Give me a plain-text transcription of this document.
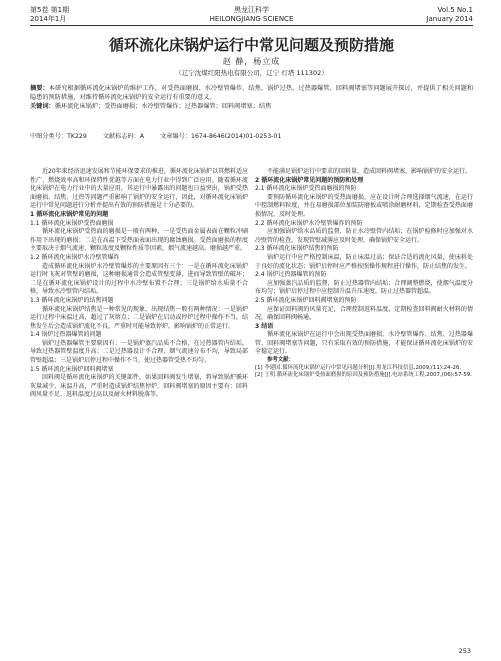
第5卷 第1期
2014年1月
黑龙江科学
HEILONGJIANG SCIENCE
Vol.5 No.1
January 2014
循环流化床锅炉运行中常见问题及预防措施
赵 静，杨立成
（辽宁沈煤红阳热电有限公司，辽宁 灯塔 111302）
摘要：本研究根据循环流化床锅炉的维护工作，对受热面磨损、水冷壁管爆炸、结焦、锅炉过热、过热器爆管、回料阀堵塞等问题展开探讨，并提供了相关问题和隐患的预防措施，对维持循环流化床锅炉的安全运行有重要的意义。
关键词：循环流化床锅炉；受热面磨损；水冷壁管爆炸；过热器爆管；回料阀堵塞；结焦
中图分类号：TK229	文献标志码：A	文章编号：1674-8646(2014)01-0253-01

近20年来经济迅速发展和节能环保要求的推进，循环流化床锅炉以其燃料适应性广、燃烧效率高和环保特性优越等方面在电力行业中得到广泛应用。随着循环流化床锅炉在电力行业中的大量应用，其运行中暴露出的问题也日益突出，锅炉受热面磨损、结焦、过热等问题严重影响了锅炉的安全运行，因此，对循环流化床锅炉运行中常见问题进行分析并提出有效的预防措施是十分必要的。

1 循环流化床锅炉常见的问题

1.1 循环流化床锅炉受热面磨损

循环流化床锅炉受热面的磨损是一般有两种，一是受热面金属表面在颗粒冲刷作用下出现的磨损；二是在高温下受热面表面出现的腐蚀磨损。受热面磨损的程度主要取决于烟气流速、颗粒浓度及颗粒性质等因素，烟气流速越高，磨损越严重。

1.2 循环流化床锅炉水冷壁管爆炸

造成循环流化床锅炉水冷壁管爆炸的主要原因有三个：一是在循环流化床锅炉运行时飞灰对管壁的磨损，这种磨损通常会造成管壁变薄，进而导致管壁的破坏；二是在循环流化床锅炉设计的过程中水冷壁布置不合理；三是锅炉给水质量不合格，导致水冷壁管内结垢。

1.3 循环流化床锅炉的结焦问题

循环流化床锅炉结焦是一种常见的现象，出现结焦一般有两种情况：一是锅炉运行过程中床温过高，超过了灰熔点；二是锅炉在启动或停炉过程中操作不当。结焦发生后会造成锅炉流化不良，严重时可能导致停炉，影响锅炉的正常运行。

1.4 锅炉过热器爆管的问题

锅炉过热器爆管主要原因有：一是锅炉蒸汽品质不合格，在过热器管内结垢，导致过热器管壁温度升高；二是过热器设计不合理，烟气流速分布不均，导致局部管壁超温；三是锅炉启停过程中操作不当，使过热器管受热不均匀。

1.5 循环流化床锅炉回料阀堵塞

回料阀是循环流化床锅炉的关键部件，如果回料阀发生堵塞，将导致锅炉循环灰量减少，床温升高，严重时造成锅炉结焦停炉。回料阀堵塞的原因主要有：回料阀风量不足、返料温度过高以及耐火材料脱落等。

不能满足锅炉运行中要求的回料量，造成回料阀堵塞，影响锅炉的安全运行。

2 循环流化床锅炉常见问题的预防和处理

2.1 循环流化床锅炉受热面磨损的预防

要预防循环流化床锅炉的受热面磨损，应在设计时合理选择烟气流速，在运行中控制燃料粒度，并在易磨损部位加装防磨板或喷涂耐磨材料，定期检查受热面磨损情况，及时处理。

2.2 循环流化床锅炉水冷壁管爆炸的预防

应加强锅炉给水品质的监督，防止水冷壁管内结垢；在锅炉检修时应加强对水冷壁管的检查，发现管壁减薄应及时处理，确保锅炉安全运行。

2.3 循环流化床锅炉结焦的预防

锅炉运行中应严格控制床温，防止床温过高；保证合适的流化风量，使床料处于良好的流化状态；锅炉启停时应严格按照操作规程进行操作，防止结焦的发生。

2.4 锅炉过热器爆管的预防

应加强蒸汽品质的监督，防止过热器管内结垢；合理调整燃烧，使烟气温度分布均匀；锅炉启停过程中应控制升温升压速度，防止过热器管超温。

2.5 循环流化床锅炉回料阀堵塞的预防

应保证回料阀的风量充足，合理控制返料温度，定期检查回料阀耐火材料的情况，确保回料阀畅通。

3 结语

循环流化床锅炉在运行中会出现受热面磨损、水冷壁管爆炸、结焦、过热器爆管、回料阀堵塞等问题，只有采取有效的预防措施，才能保证循环流化床锅炉的安全稳定运行。

参考文献：

[1] 李建国.循环流化床锅炉运行中常见问题分析[J].黑龙江科技信息,2009,(11):24-26.

[2] 王明.循环流化床锅炉受热面磨损的原因及预防措施[J].电站系统工程,2007,(06):57-59.

253
